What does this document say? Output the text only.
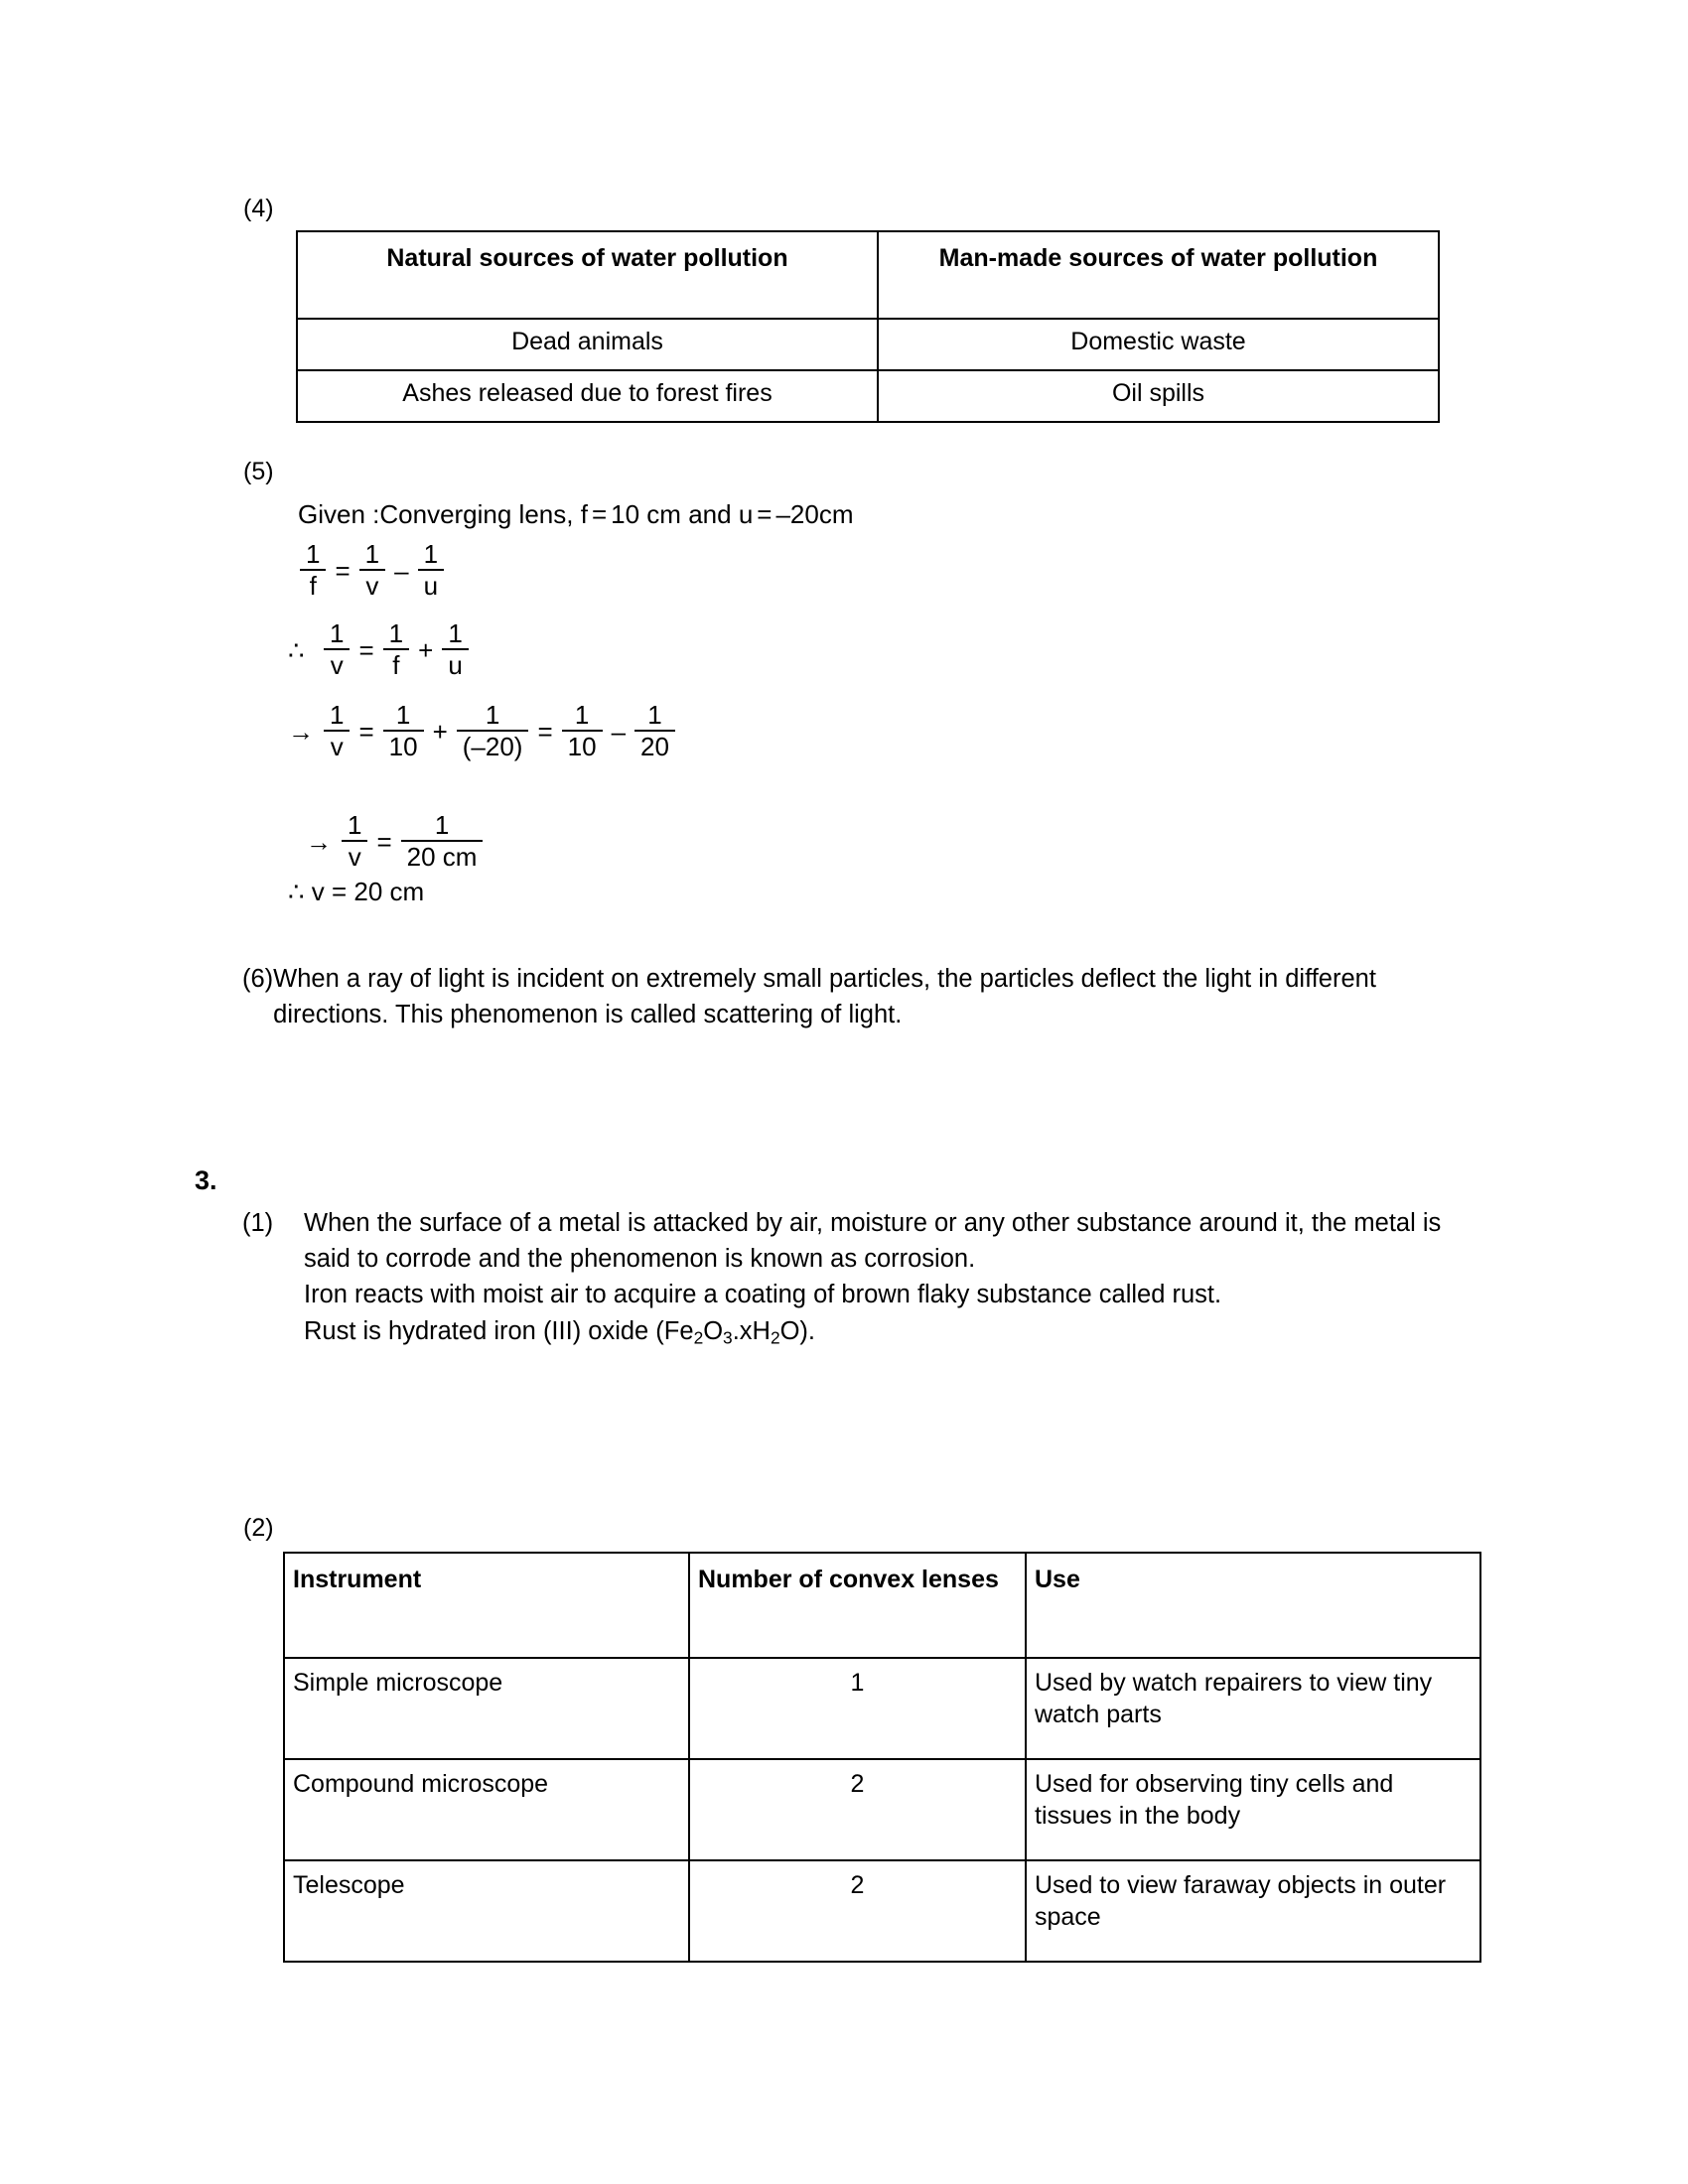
(4)
Natural sources of water pollution	Man-made sources of water pollution
Dead animals	Domestic waste
Ashes released due to forest fires	Oil spills
(5)
Given :Converging lens, f = 10 cm and u = –20cm
$\frac{1}{f} = \frac{1}{v} - \frac{1}{u}$
∴ $\frac{1}{v} = \frac{1}{f} + \frac{1}{u}$
→ $\frac{1}{v} = \frac{1}{10} + \frac{1}{(-20)} = \frac{1}{10} - \frac{1}{20}$
→ $\frac{1}{v} = \frac{1}{20 cm}$
∴ v = 20 cm
(6) When a ray of light is incident on extremely small particles, the particles deflect the light in different directions. This phenomenon is called scattering of light.
3.
(1)	When the surface of a metal is attacked by air, moisture or any other substance around it, the metal is said to corrode and the phenomenon is known as corrosion.
Iron reacts with moist air to acquire a coating of brown flaky substance called rust.
Rust is hydrated iron (III) oxide $(Fe_2O_3.xH_2O)$.
(2)
Instrument	Number of convex lenses	Use
Simple microscope	1	Used by watch repairers to view tiny watch parts
Compound microscope	2	Used for observing tiny cells and tissues in the body
Telescope	2	Used to view faraway objects in outer space
